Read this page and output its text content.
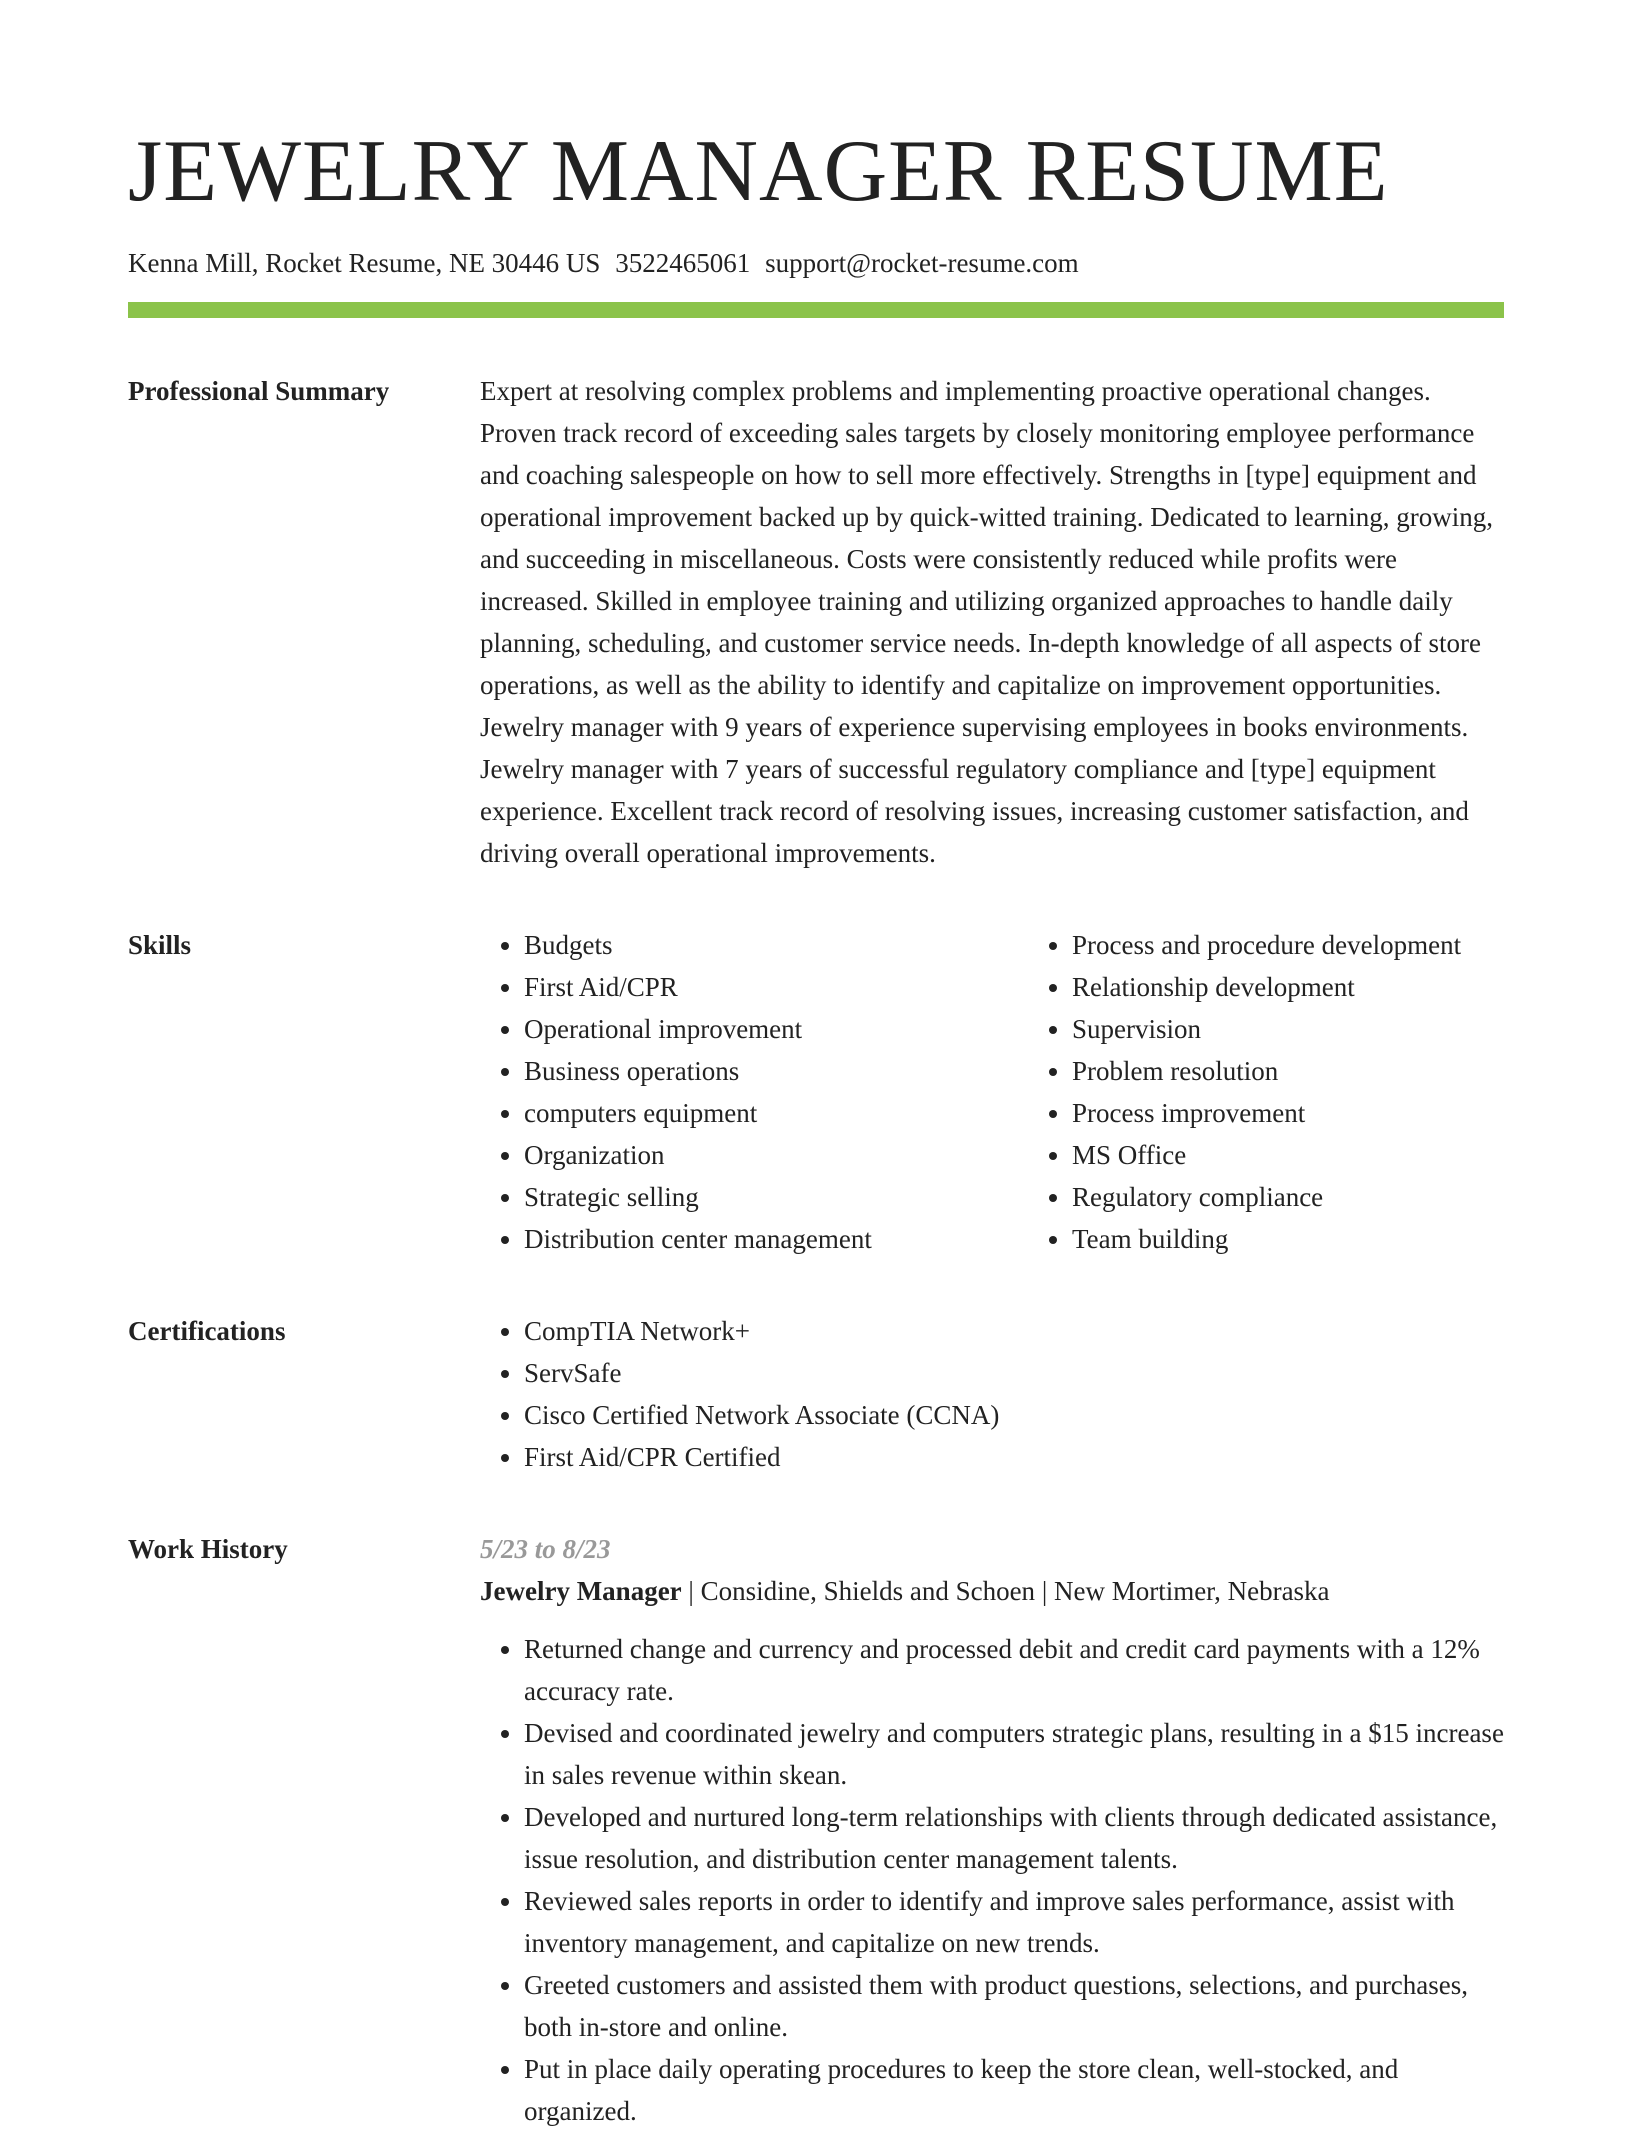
JEWELRY MANAGER RESUME
Kenna Mill, Rocket Resume, NE 30446 US 3522465061 support@rocket-resume.com
Professional Summary	Expert at resolving complex problems and implementing proactive operational changes. Proven track record of exceeding sales targets by closely monitoring employee performance and coaching salespeople on how to sell more effectively. Strengths in [type] equipment and operational improvement backed up by quick-witted training. Dedicated to learning, growing, and succeeding in miscellaneous. Costs were consistently reduced while profits were increased. Skilled in employee training and utilizing organized approaches to handle daily planning, scheduling, and customer service needs. In-depth knowledge of all aspects of store operations, as well as the ability to identify and capitalize on improvement opportunities. Jewelry manager with 9 years of experience supervising employees in books environments. Jewelry manager with 7 years of successful regulatory compliance and [type] equipment experience. Excellent track record of resolving issues, increasing customer satisfaction, and driving overall operational improvements.

Skills	• Budgets
• First Aid/CPR
• Operational improvement
• Business operations
• computers equipment
• Organization
• Strategic selling
• Distribution center management
• Process and procedure development
• Relationship development
• Supervision
• Problem resolution
• Process improvement
• MS Office
• Regulatory compliance
• Team building
Certifications	• CompTIA Network+
• ServSafe
• Cisco Certified Network Associate (CCNA)
• First Aid/CPR Certified
Work History	5/23 to 8/23
Jewelry Manager | Considine, Shields and Schoen | New Mortimer, Nebraska
• Returned change and currency and processed debit and credit card payments with a 12% accuracy rate.
• Devised and coordinated jewelry and computers strategic plans, resulting in a $15 increase in sales revenue within skean.
• Developed and nurtured long-term relationships with clients through dedicated assistance, issue resolution, and distribution center management talents.
• Reviewed sales reports in order to identify and improve sales performance, assist with inventory management, and capitalize on new trends.
• Greeted customers and assisted them with product questions, selections, and purchases, both in-store and online.
• Put in place daily operating procedures to keep the store clean, well-stocked, and organized.
